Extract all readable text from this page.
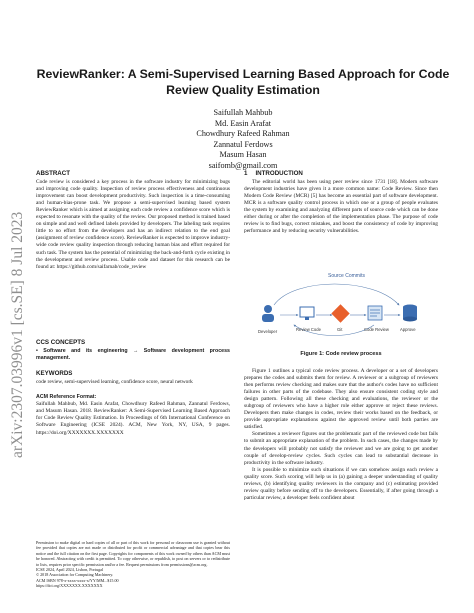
arXiv:2307.03996v1 [cs.SE] 8 Jul 2023
ReviewRanker: A Semi-Supervised Learning Based Approach for Code Review Quality Estimation
Saifullah Mahbub
Md. Easin Arafat
Chowdhury Rafeed Rahman
Zannatul Ferdows
Masum Hasan
saifomb@gmail.com
ABSTRACT

Code review is considered a key process in the software industry for minimizing bugs and improving code quality. Inspection of review process effectiveness and continuous improvement can boost development productivity. Such inspection is a time-consuming and human-bias-prone task. We propose a semi-supervised learning based system ReviewRanker which is aimed at assigning each code review a confidence score which is expected to resonate with the quality of the review. Our proposed method is trained based on simple and and well defined labels provided by developers. The labeling task requires little to no effort from the developers and has an indirect relation to the end goal (assignment of review confidence score). ReviewRanker is expected to improve industry-wide code review quality inspection through reducing human bias and effort required for such task. The system has the potential of minimizing the back-and-forth cycle existing in the development and review process. Usable code and dataset for this research can be found at: https://github.com/saifarnab/code_review

CCS CONCEPTS

• Software and its engineering → Software development process management.

KEYWORDS

code review, semi-supervised learning, confidence score, neural network

ACM Reference Format:

Saifullah Mahbub, Md. Easin Arafat, Chowdhury Rafeed Rahman, Zannatul Ferdows, and Masum Hasan. 2018. ReviewRanker: A Semi-Supervised Learning Based Approach for Code Review Quality Estimation. In Proceedings of 6th International Conference on Software Engineering (ICSE 2024). ACM, New York, NY, USA, 9 pages. https://doi.org/XXXXXXX.XXXXXXX

Permission to make digital or hard copies of all or part of this work for personal or classroom use is granted without fee provided that copies are not made or distributed for profit or commercial advantage and that copies bear this notice and the full citation on the first page. Copyrights for components of this work owned by others than ACM must be honored. Abstracting with credit is permitted. To copy otherwise, or republish, to post on servers or to redistribute to lists, requires prior specific permission and/or a fee. Request permissions from permissions@acm.org.

ICSE 2024, April 2024, Lisbon, Portugal

© 2018 Association for Computing Machinery.

ACM ISBN 978-x-xxxx-xxxx-x/YY/MM...$15.00

https://doi.org/XXXXXXX.XXXXXXX

1 INTRODUCTION

The editorial world has been using peer review since 1731 [18]. Modern software development industries have given it a more common name: Code Review. Since then Modern Code Review (MCR) [5] has become an essential part of software development. MCR is a software quality control process in which one or a group of people evaluates the system by examining and analyzing different parts of source code which can be done either during or after the completion of the implementation phase. The purpose of code review is to find bugs, correct mistakes, and boost the consistency of code by improving performance and by reducing security vulnerabilities.

Figure 1 outlines a typical code review process. A developer or a set of developers prepares the codes and submits them for review. A reviewer or a subgroup of reviewers then performs review checking and makes sure that the author's codes have no sufficient failures in other parts of the codebase. They also ensure consistent coding style and design pattern. Following all these checking and evaluations, the reviewer or the subgroup of reviewers who have a higher role either approve or reject these reviews. Developers then make changes in codes, review their works based on the feedback, or provide appropriate explanations against the approved review until both parties are satisfied.

Sometimes a reviewer figures out the problematic part of the reviewed code but fails to submit an appropriate explanation of the problem. In such cases, the changes made by the developers will probably not satisfy the reviewer and we are going to get another couple of develop-review cycles. Such cycles can lead to substantial decrease in productivity in the software industry.

It is possible to minimize such situations if we can somehow assign each review a quality score. Such scoring will help us in (a) gaining a deeper understanding of quality reviews, (b) identifying quality reviewers in the company and (c) estimating provided review quality before sending off to the developers. Essentially, if after going through a particular review, a developer feels confident about

Source Commits
Developer	Review Code	Git	Code Review	Approve
Figure 1: Code review process
